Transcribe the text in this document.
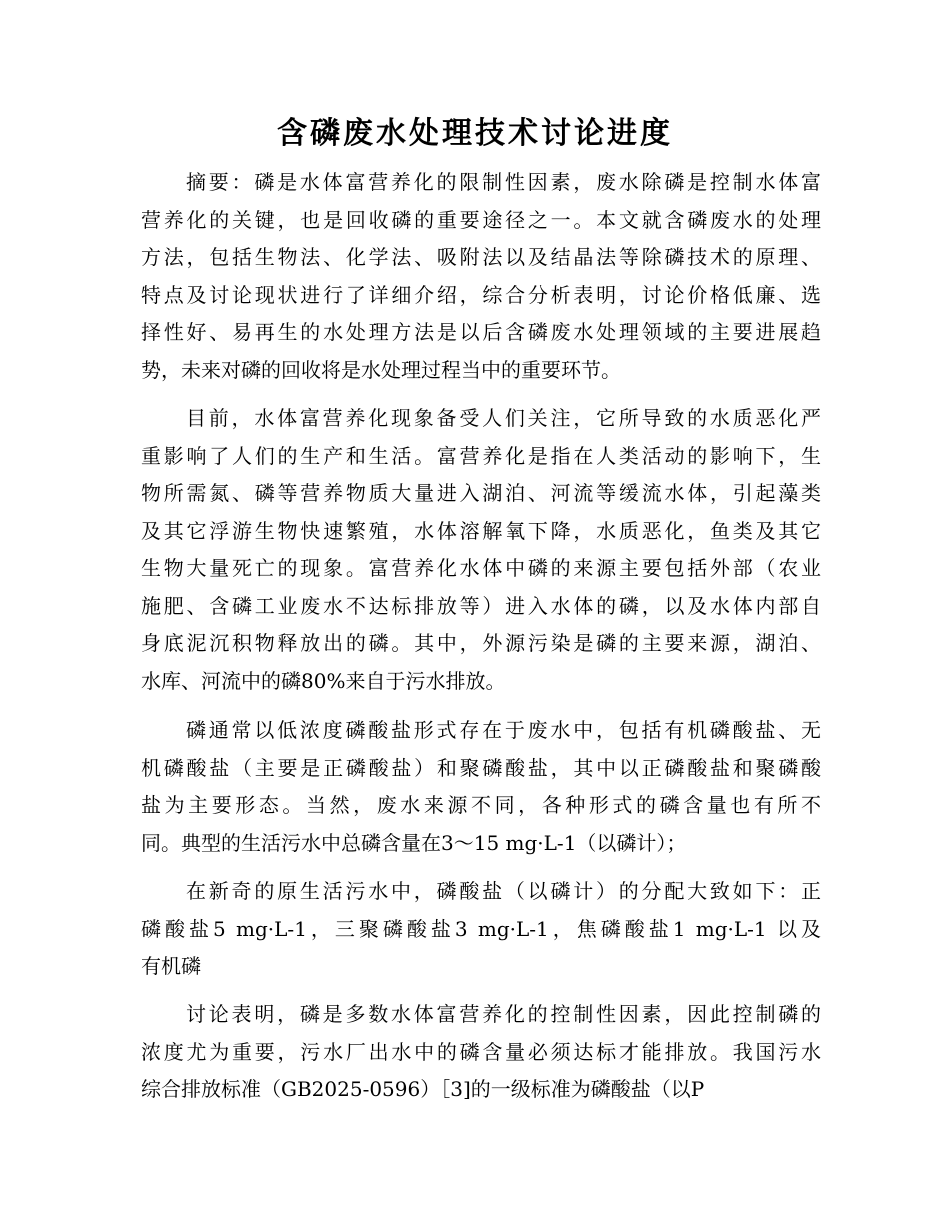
含磷废水处理技术讨论进度

摘要：磷是水体富营养化的限制性因素，废水除磷是控制水体富
营养化的关键，也是回收磷的重要途径之一。本文就含磷废水的处理
方法，包括生物法、化学法、吸附法以及结晶法等除磷技术的原理、
特点及讨论现状进行了详细介绍，综合分析表明，讨论价格低廉、选
择性好、易再生的水处理方法是以后含磷废水处理领域的主要进展趋
势，未来对磷的回收将是水处理过程当中的重要环节。

目前，水体富营养化现象备受人们关注，它所导致的水质恶化严
重影响了人们的生产和生活。富营养化是指在人类活动的影响下，生
物所需氮、磷等营养物质大量进入湖泊、河流等缓流水体，引起藻类
及其它浮游生物快速繁殖，水体溶解氧下降，水质恶化，鱼类及其它
生物大量死亡的现象。富营养化水体中磷的来源主要包括外部（农业
施肥、含磷工业废水不达标排放等）进入水体的磷，以及水体内部自
身底泥沉积物释放出的磷。其中，外源污染是磷的主要来源，湖泊、
水库、河流中的磷80%来自于污水排放。

磷通常以低浓度磷酸盐形式存在于废水中，包括有机磷酸盐、无
机磷酸盐（主要是正磷酸盐）和聚磷酸盐，其中以正磷酸盐和聚磷酸
盐为主要形态。当然，废水来源不同，各种形式的磷含量也有所不
同。典型的生活污水中总磷含量在3～15 mg·L-1（以磷计）；

在新奇的原生活污水中，磷酸盐（以磷计）的分配大致如下：正
磷酸盐5 mg·L-1，三聚磷酸盐3 mg·L-1，焦磷酸盐1 mg·L-1 以及
有机磷

讨论表明，磷是多数水体富营养化的控制性因素，因此控制磷的
浓度尤为重要，污水厂出水中的磷含量必须达标才能排放。我国污水
综合排放标准（GB2025-0596）［3]的一级标准为磷酸盐（以P
